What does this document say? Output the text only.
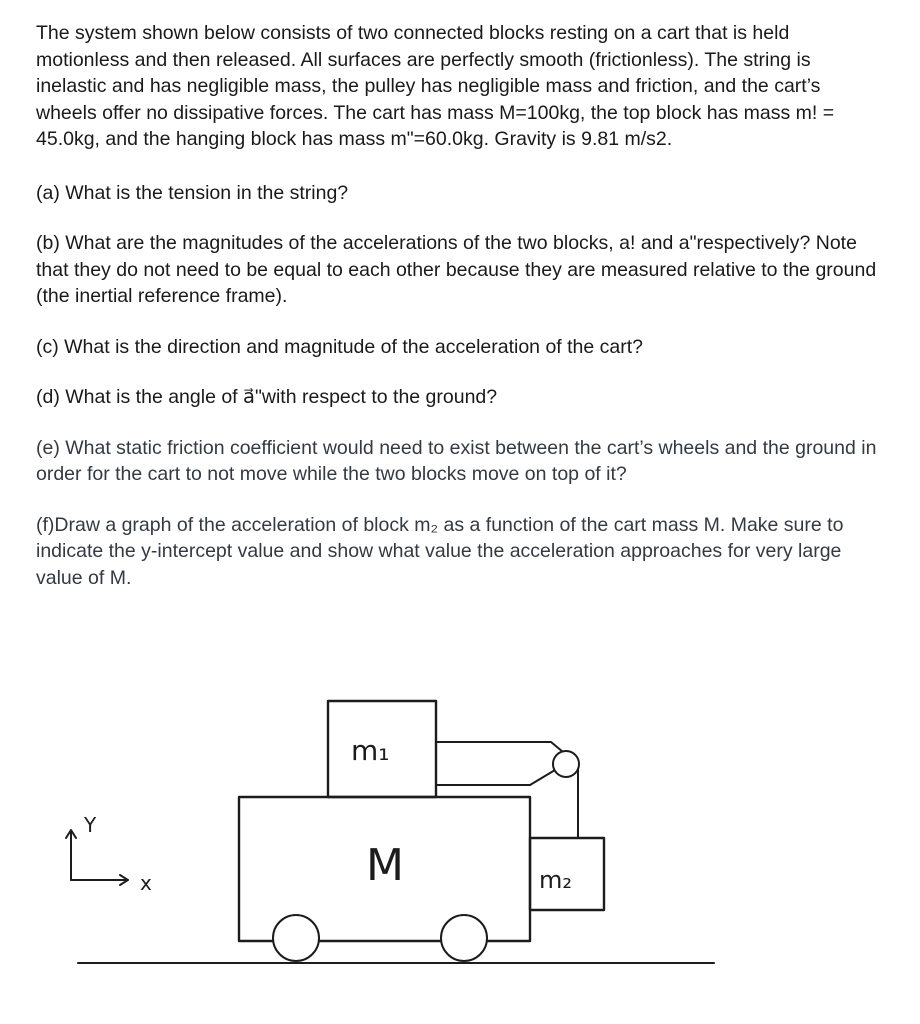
The system shown below consists of two connected blocks resting on a cart that is held motionless and then released. All surfaces are perfectly smooth (frictionless). The string is inelastic and has negligible mass, the pulley has negligible mass and friction, and the cart’s wheels offer no dissipative forces. The cart has mass M=100kg, the top block has mass m! = 45.0kg, and the hanging block has mass m"=60.0kg. Gravity is 9.81 m/s2.

(a) What is the tension in the string?

(b) What are the magnitudes of the accelerations of the two blocks, a! and a"respectively? Note that they do not need to be equal to each other because they are measured relative to the ground (the inertial reference frame).

(c) What is the direction and magnitude of the acceleration of the cart?

(d) What is the angle of a⃗"with respect to the ground?

(e) What static friction coefficient would need to exist between the cart’s wheels and the ground in order for the cart to not move while the two blocks move on top of it?

(f)Draw a graph of the acceleration of block m₂ as a function of the cart mass M. Make sure to indicate the y-intercept value and show what value the acceleration approaches for very large value of M.

m₁
m₂
M
Y
x
